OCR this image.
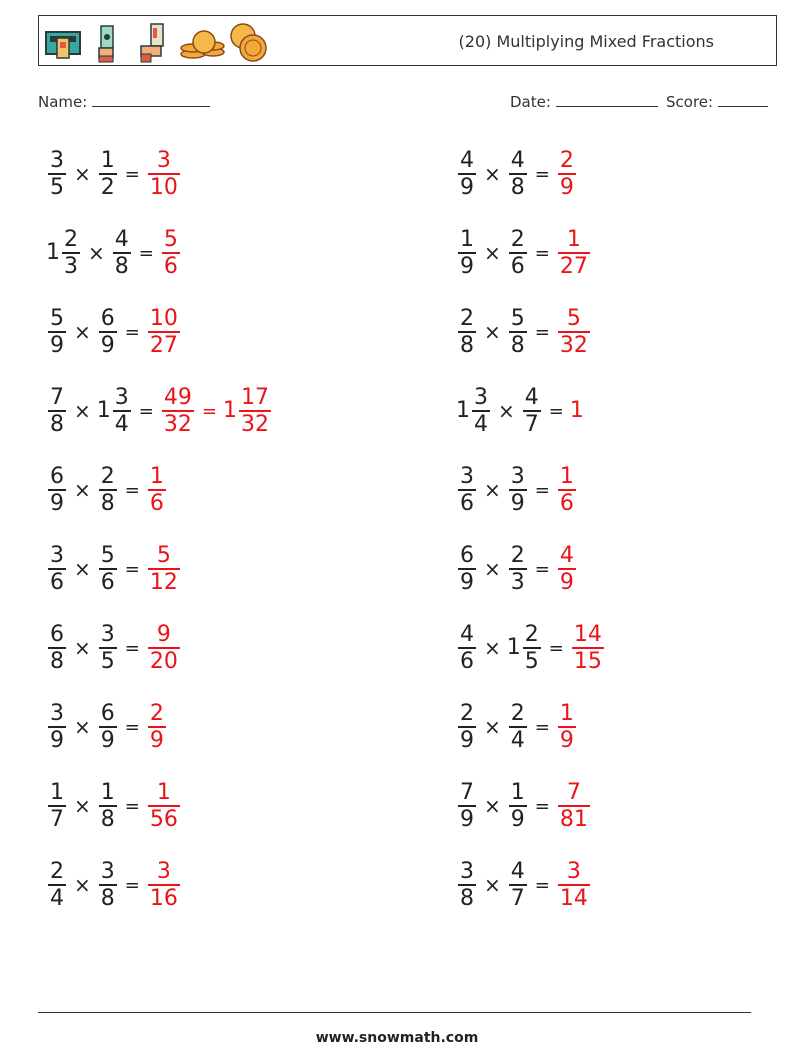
(20) Multiplying Mixed Fractions
Name:	Date:	Score:
$\frac{3}{5} \times \frac{1}{2} = \frac{3}{10}$
$1 \frac{2}{3} \times \frac{4}{8} = \frac{5}{6}$
$\frac{5}{9} \times \frac{6}{9} = \frac{10}{27}$
$\frac{7}{8} \times 1 \frac{3}{4} = \frac{49}{32} = 1 \frac{17}{32}$
$\frac{6}{9} \times \frac{2}{8} = \frac{1}{6}$
$\frac{3}{6} \times \frac{5}{6} = \frac{5}{12}$
$\frac{6}{8} \times \frac{3}{5} = \frac{9}{20}$
$\frac{3}{9} \times \frac{6}{9} = \frac{2}{9}$
$\frac{1}{7} \times \frac{1}{8} = \frac{1}{56}$
$\frac{2}{4} \times \frac{3}{8} = \frac{3}{16}$
$\frac{4}{9} \times \frac{4}{8} = \frac{2}{9}$
$\frac{1}{9} \times \frac{2}{6} = \frac{1}{27}$
$\frac{2}{8} \times \frac{5}{8} = \frac{5}{32}$
$1 \frac{3}{4} \times \frac{4}{7} = 1$
$\frac{3}{6} \times \frac{3}{9} = \frac{1}{6}$
$\frac{6}{9} \times \frac{2}{3} = \frac{4}{9}$
$\frac{4}{6} \times 1 \frac{2}{5} = \frac{14}{15}$
$\frac{2}{9} \times \frac{2}{4} = \frac{1}{9}$
$\frac{7}{9} \times \frac{1}{9} = \frac{7}{81}$
$\frac{3}{8} \times \frac{4}{7} = \frac{3}{14}$
www.snowmath.com
